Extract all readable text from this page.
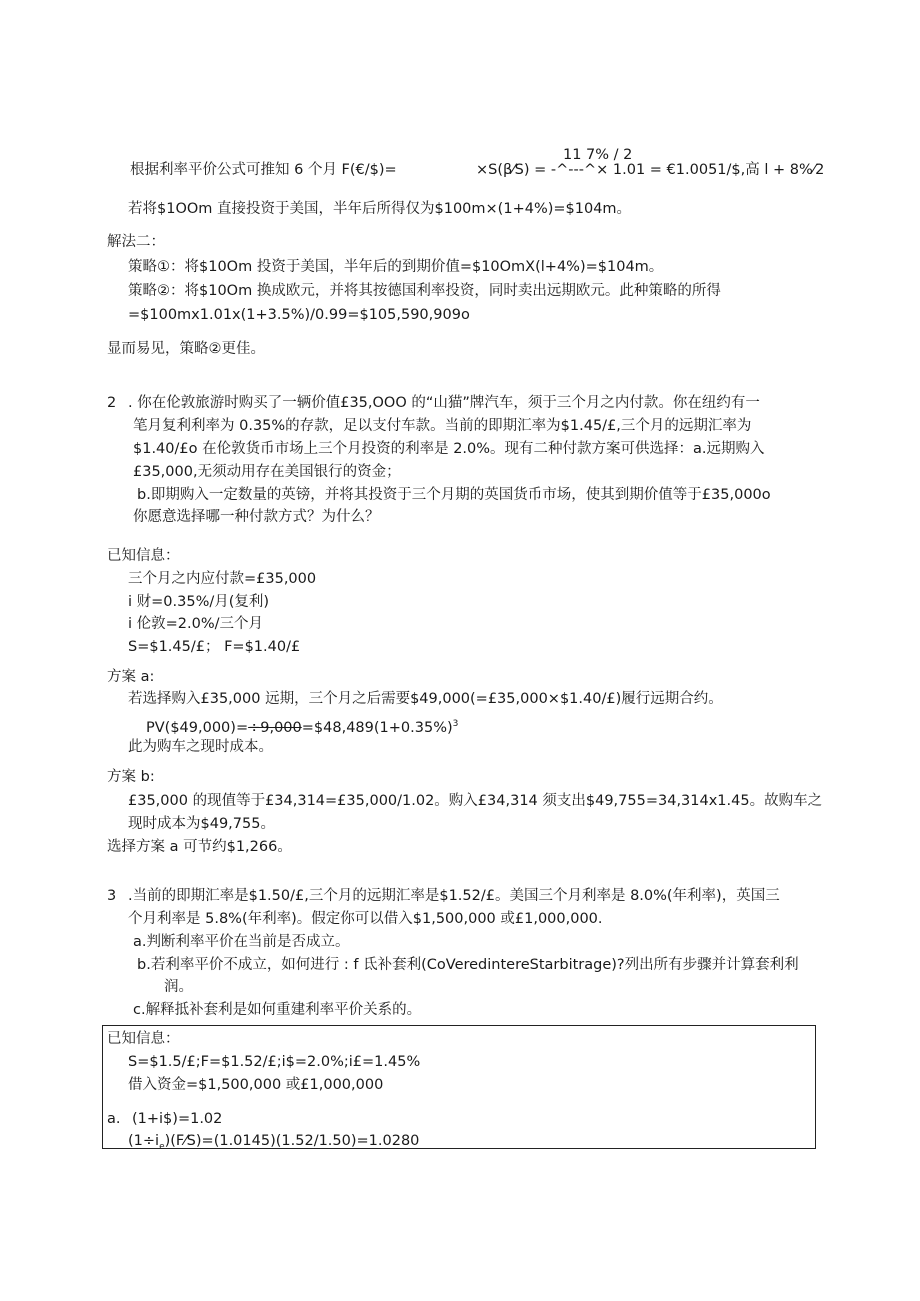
11 7% / 2
根据利率平价公式可推知 6 个月 F(€/$)=	×S(β⁄S) = -^---^× 1.01 = €1.0051/$,高 l + 8%⁄2
若将$1OOm 直接投资于美国，半年后所得仅为$100m×(1+4%)=$104m。
解法二：
策略①：将$10Om 投资于美国，半年后的到期价值=$10OmX(l+4%)=$104m。
策略②：将$10Om 换成欧元，并将其按德国利率投资，同时卖出远期欧元。此种策略的所得
=$100mx1.01x(1+3.5%)/0.99=$105,590,909o
显而易见，策略②更佳。
2 . 你在伦敦旅游时购买了一辆价值£35,OOO 的“山猫”牌汽车，须于三个月之内付款。你在纽约有一
笔月复利利率为 0.35%的存款，足以支付车款。当前的即期汇率为$1.45/£,三个月的远期汇率为
$1.40/£o 在伦敦货币市场上三个月投资的利率是 2.0%。现有二种付款方案可供选择：a.远期购入
£35,000,无须动用存在美国银行的资金；
b.即期购入一定数量的英镑，并将其投资于三个月期的英国货币市场，使其到期价值等于£35,000o
你愿意选择哪一种付款方式？为什么？
已知信息：
三个月之内应付款=£35,000
i 财=0.35%/月(复利)
i 伦敦=2.0%/三个月
S=$1.45/£； F=$1.40/£
方案 a:
若选择购入£35,000 远期，三个月之后需要$49,000(=£35,000×$1.40/£)履行远期合约。
$PV(\$49,000)=\div 9,000=\$48,489(1+0.35\%)^3$
此为购车之现时成本。
方案 b:
£35,000 的现值等于£34,314=£35,000/1.02。购入£34,314 须支出$49,755=34,314x1.45。故购车之
现时成本为$49,755。
选择方案 a 可节约$1,266。
3 .当前的即期汇率是$1.50/£,三个月的远期汇率是$1.52/£。美国三个月利率是 8.0%(年利率)，英国三
个月利率是 5.8%(年利率)。假定你可以借入$1,500,000 或£1,000,000.
a.判断利率平价在当前是否成立。
b.若利率平价不成立，如何进行 : f 氐补套利(CoVeredintereStarbitrage)?列出所有步骤并计算套利利
润。
c.解释抵补套利是如何重建利率平价关系的。
已知信息：
S=$1.5/£;F=$1.52/£;i$=2.0%;i£=1.45%
借入资金=$1,500,000 或£1,000,000
a. (1+i$)=1.02
$(1\div i_e)(F⁄S)=(1.0145)(1.52/1.50)=1.0280$
